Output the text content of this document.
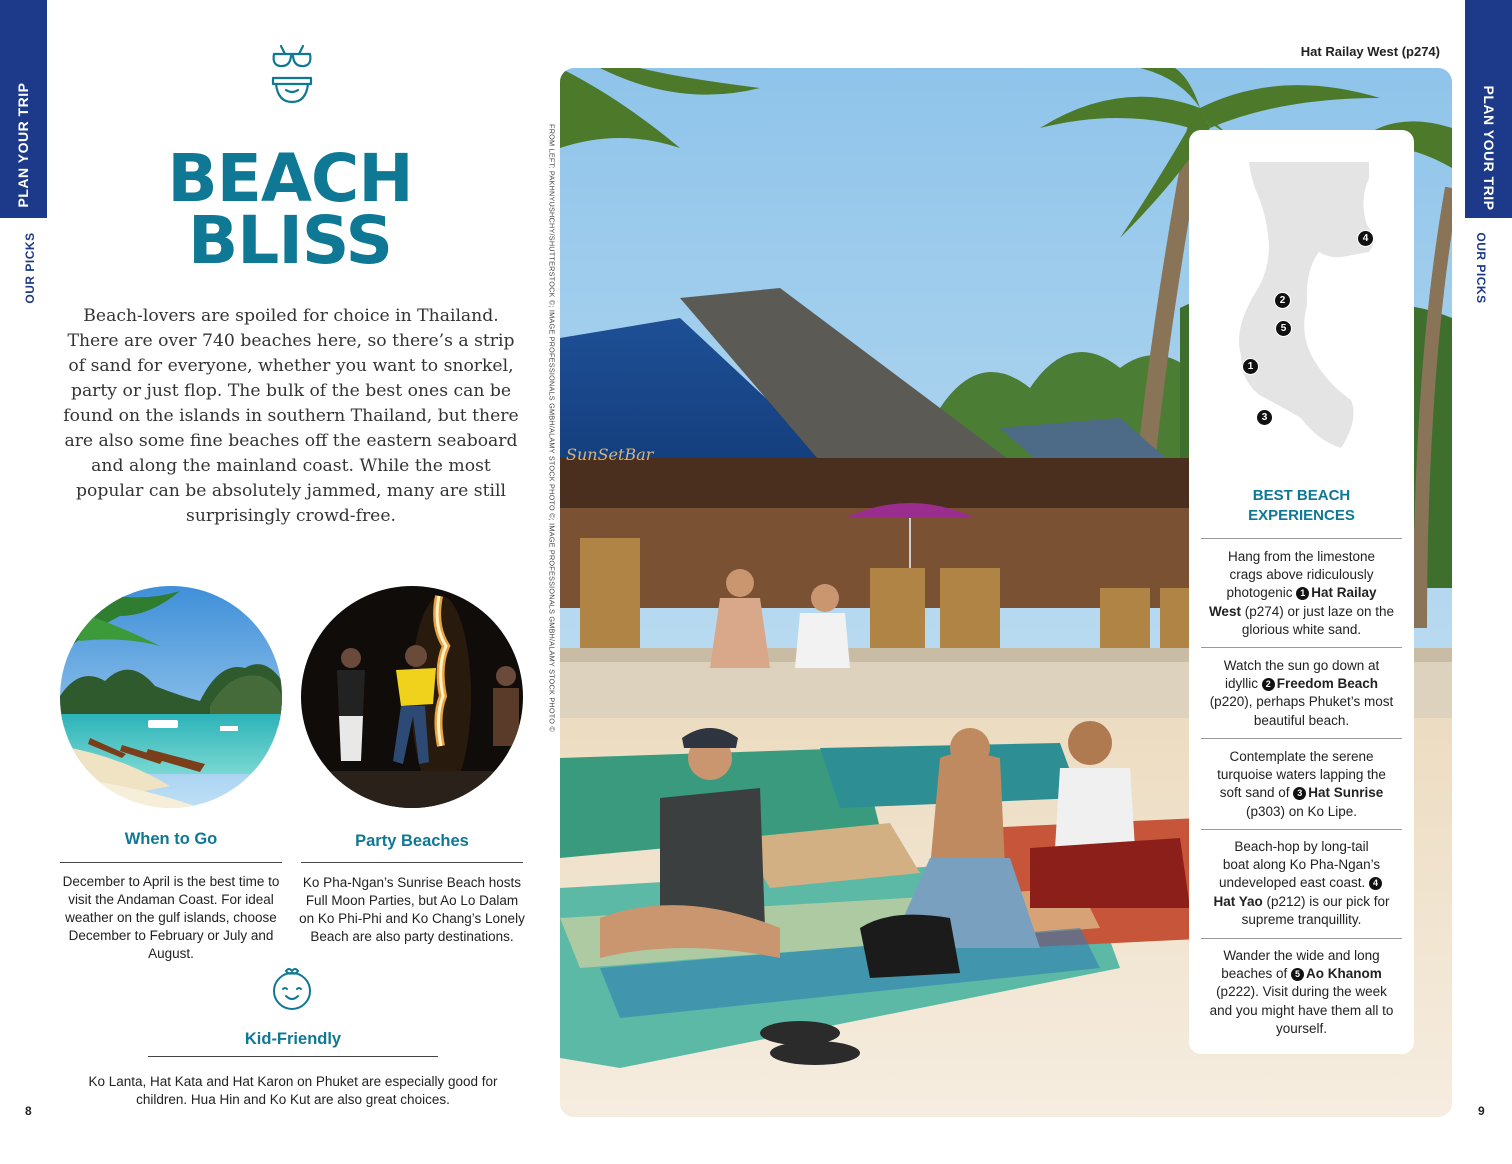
PLAN YOUR TRIP
OUR PICKS
PLAN YOUR TRIP
OUR PICKS
8	9
BEACH
BLISS
Beach-lovers are spoiled for choice in Thailand.
There are over 740 beaches here, so there’s a strip
of sand for everyone, whether you want to snorkel,
party or just flop. The bulk of the best ones can be
found on the islands in southern Thailand, but there
are also some fine beaches off the eastern seaboard
and along the mainland coast. While the most
popular can be absolutely jammed, many are still
surprisingly crowd-free.
When to Go
December to April is the best time to
visit the Andaman Coast. For ideal
weather on the gulf islands, choose
December to February or July and
August.
Party Beaches
Ko Pha-Ngan’s Sunrise Beach hosts
Full Moon Parties, but Ao Lo Dalam
on Ko Phi-Phi and Ko Chang’s Lonely
Beach are also party destinations.
Kid-Friendly
Ko Lanta, Hat Kata and Hat Karon on Phuket are especially good for
children. Hua Hin and Ko Kut are also great choices.
FROM LEFT: PAKHNYUSHCHY/SHUTTERSTOCK ©; IMAGE PROFESSIONALS GMBH/ALAMY STOCK PHOTO ©; IMAGE PROFESSIONALS GMBH/ALAMY STOCK PHOTO ©
Hat Railay West (p274)
SunSetBar
4
2
5
1
3
BEST BEACH
EXPERIENCES
Hang from the limestone
crags above ridiculously
photogenic 1 Hat Railay
West (p274) or just laze on the
glorious white sand.
Watch the sun go down at
idyllic 2 Freedom Beach
(p220), perhaps Phuket’s most
beautiful beach.
Contemplate the serene
turquoise waters lapping the
soft sand of 3 Hat Sunrise
(p303) on Ko Lipe.
Beach-hop by long-tail
boat along Ko Pha-Ngan’s
undeveloped east coast. 4
Hat Yao (p212) is our pick for
supreme tranquillity.
Wander the wide and long
beaches of 5 Ao Khanom
(p222). Visit during the week
and you might have them all to
yourself.
